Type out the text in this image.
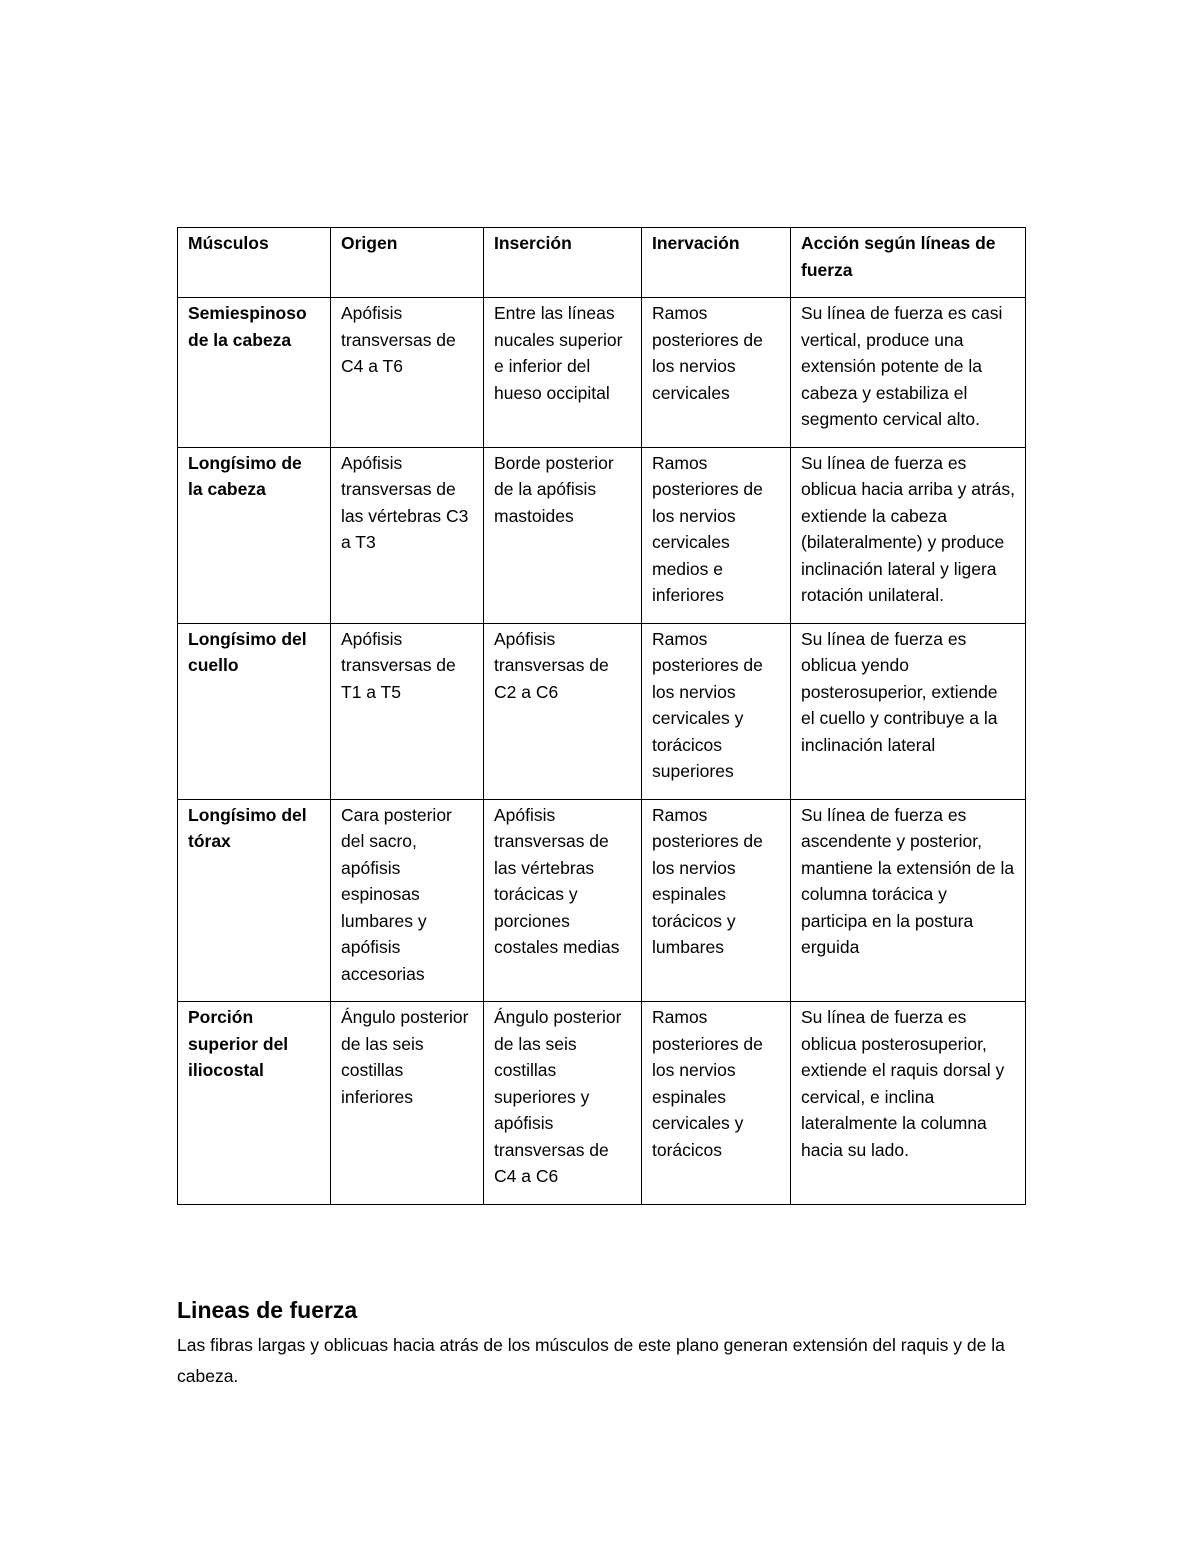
Músculos	Origen	Inserción	Inervación	Acción según líneas de fuerza
Semiespinoso de la cabeza	Apófisis transversas de C4 a T6	Entre las líneas nucales superior e inferior del hueso occipital	Ramos posteriores de los nervios cervicales	Su línea de fuerza es casi vertical, produce una extensión potente de la cabeza y estabiliza el segmento cervical alto.
Longísimo de la cabeza	Apófisis transversas de las vértebras C3 a T3	Borde posterior de la apófisis mastoides	Ramos posteriores de los nervios cervicales medios e inferiores	Su línea de fuerza es oblicua hacia arriba y atrás, extiende la cabeza (bilateralmente) y produce inclinación lateral y ligera rotación unilateral.
Longísimo del cuello	Apófisis transversas de T1 a T5	Apófisis transversas de C2 a C6	Ramos posteriores de los nervios cervicales y torácicos superiores	Su línea de fuerza es oblicua yendo posterosuperior, extiende el cuello y contribuye a la inclinación lateral
Longísimo del tórax	Cara posterior del sacro, apófisis espinosas lumbares y apófisis accesorias	Apófisis transversas de las vértebras torácicas y porciones costales medias	Ramos posteriores de los nervios espinales torácicos y lumbares	Su línea de fuerza es ascendente y posterior, mantiene la extensión de la columna torácica y participa en la postura erguida
Porción superior del iliocostal	Ángulo posterior de las seis costillas inferiores	Ángulo posterior de las seis costillas superiores y apófisis transversas de C4 a C6	Ramos posteriores de los nervios espinales cervicales y torácicos	Su línea de fuerza es oblicua posterosuperior, extiende el raquis dorsal y cervical, e inclina lateralmente la columna hacia su lado.
Lineas de fuerza

Las fibras largas y oblicuas hacia atrás de los músculos de este plano generan extensión del raquis y de la cabeza.
